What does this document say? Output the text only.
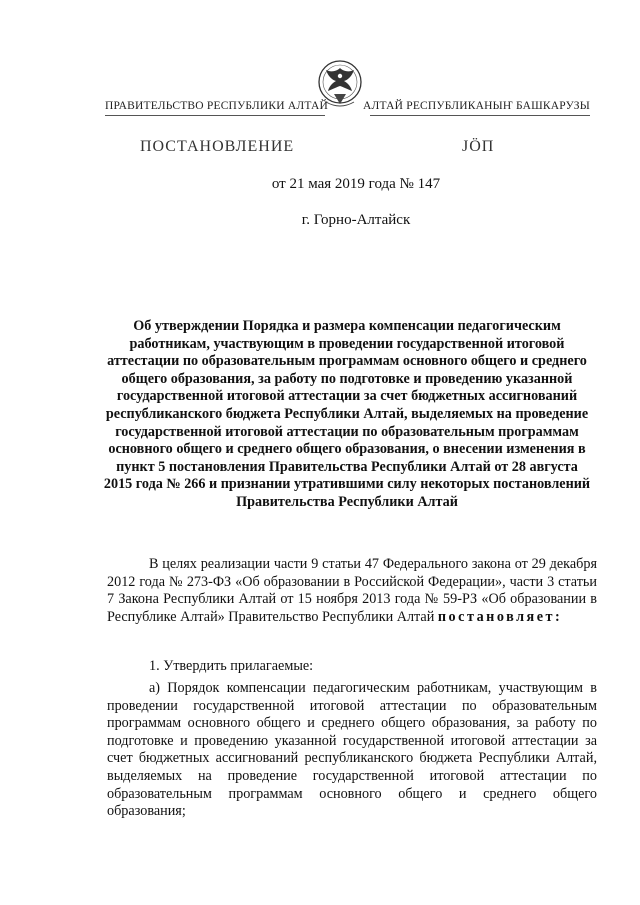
ПРАВИТЕЛЬСТВО РЕСПУБЛИКИ АЛТАЙ	АЛТАЙ РЕСПУБЛИКАНЫҤ БАШКАРУЗЫ
ПОСТАНОВЛЕНИЕ	ЈӦП
от 21 мая 2019 года № 147
г. Горно-Алтайск
Об утверждении Порядка и размера компенсации педагогическим работникам, участвующим в проведении государственной итоговой аттестации по образовательным программам основного общего и среднего общего образования, за работу по подготовке и проведению указанной государственной итоговой аттестации за счет бюджетных ассигнований республиканского бюджета Республики Алтай, выделяемых на проведение государственной итоговой аттестации по образовательным программам основного общего и среднего общего образования, о внесении изменения в пункт 5 постановления Правительства Республики Алтай от 28 августа 2015 года № 266 и признании утратившими силу некоторых постановлений Правительства Республики Алтай
В целях реализации части 9 статьи 47 Федерального закона от 29 декабря 2012 года № 273-ФЗ «Об образовании в Российской Федерации», части 3 статьи 7 Закона Республики Алтай от 15 ноября 2013 года № 59-РЗ «Об образовании в Республике Алтай» Правительство Республики Алтай постановляет:
1. Утвердить прилагаемые:
а) Порядок компенсации педагогическим работникам, участвующим в проведении государственной итоговой аттестации по образовательным программам основного общего и среднего общего образования, за работу по подготовке и проведению указанной государственной итоговой аттестации за счет бюджетных ассигнований республиканского бюджета Республики Алтай, выделяемых на проведение государственной итоговой аттестации по образовательным программам основного общего и среднего общего образования;
